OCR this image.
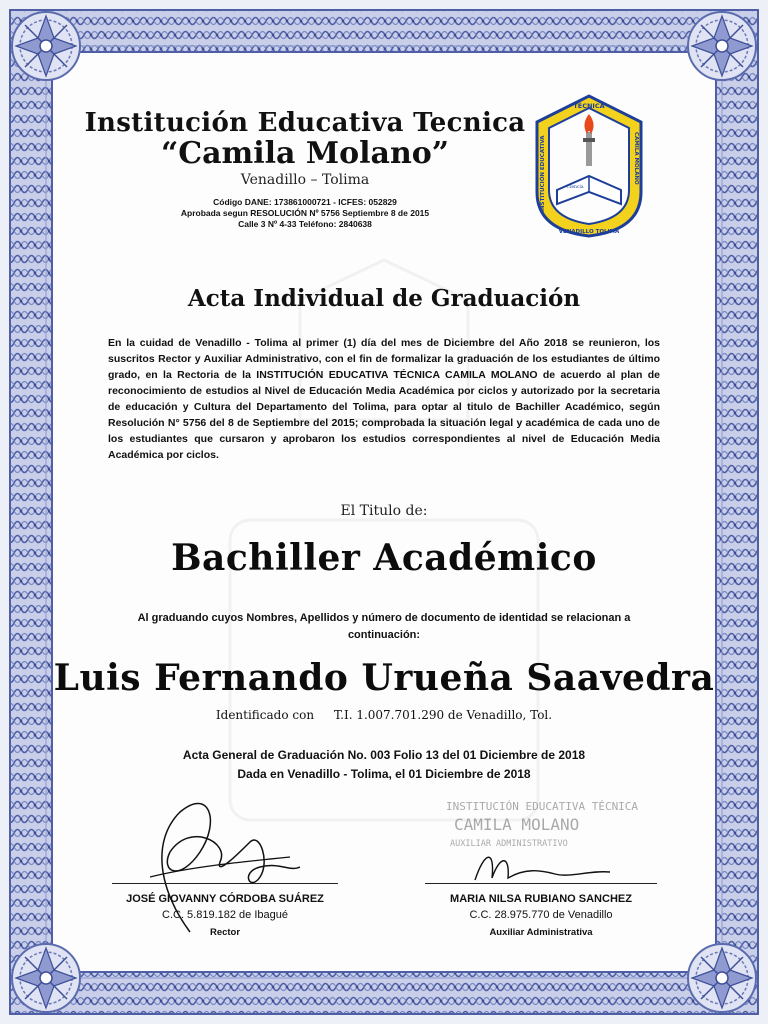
Institución Educativa Tecnica
“Camila Molano”
Venadillo – Tolima
Código DANE: 173861000721 - ICFES: 052829
Aprobada segun RESOLUCIÓN Nº 5756 Septiembre 8 de 2015
Calle 3 Nº 4-33 Teléfono: 2840638
TÉCNICA
INSTITUCIÓN EDUCATIVA	CAMILA MOLANO
VENADILLO TOLIMA
Ciencia
Acta Individual de Graduación
En la cuidad de Venadillo - Tolima al primer (1) día del mes de Diciembre del Año 2018 se reunieron, los suscritos Rector y Auxiliar Administrativo, con el fin de formalizar la graduación de los estudiantes de último grado, en la Rectoria de la INSTITUCIÓN EDUCATIVA TÉCNICA CAMILA MOLANO de acuerdo al plan de reconocimiento de estudios al Nivel de Educación Media Académica por ciclos y autorizado por la secretaria de educación y Cultura del Departamento del Tolima, para optar al titulo de Bachiller Académico, según Resolución N° 5756 del 8 de Septiembre del 2015; comprobada la situación legal y académica de cada uno de los estudiantes que cursaron y aprobaron los estudios correspondientes al nivel de Educación Media Académica por ciclos.
El Titulo de:
Bachiller Académico
Al graduando cuyos Nombres, Apellidos y número de documento de identidad se relacionan a continuación:
Luis Fernando Urueña Saavedra
Identificado con T.I. 1.007.701.290 de Venadillo, Tol.
Acta General de Graduación No. 003 Folio 13 del 01 Diciembre de 2018
Dada en Venadillo - Tolima, el 01 Diciembre de 2018
INSTITUCIÓN EDUCATIVA TÉCNICA
CAMILA MOLANO
AUXILIAR ADMINISTRATIVO
JOSÉ GIOVANNY CÓRDOBA SUÁREZ
C.C. 5.819.182 de Ibagué
Rector
MARIA NILSA RUBIANO SANCHEZ
C.C. 28.975.770 de Venadillo
Auxiliar Administrativa
